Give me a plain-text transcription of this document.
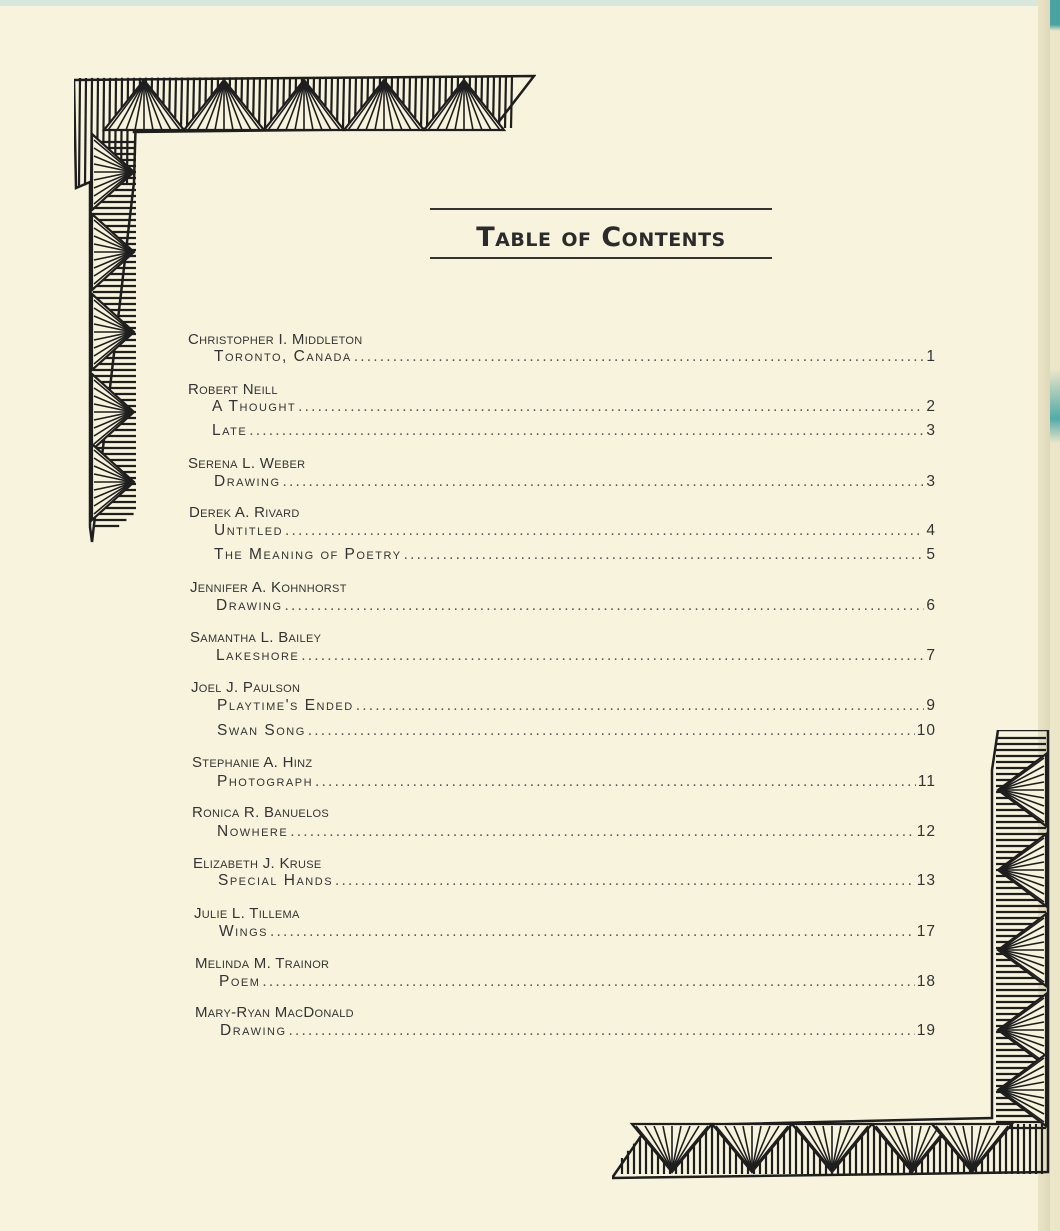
Table of Contents
Christopher I. Middleton
Toronto, Canada .....	1
Robert Neill
A Thought .....	2
Late .....	3
Serena L. Weber
Drawing .....	3
Derek A. Rivard
Untitled .....	4
The Meaning of Poetry .....	5
Jennifer A. Kohnhorst
Drawing .....	6
Samantha L. Bailey
Lakeshore .....	7
Joel J. Paulson
Playtime's Ended .....	9
Swan Song .....	10
Stephanie A. Hinz
Photograph .....	11
Ronica R. Banuelos
Nowhere .....	12
Elizabeth J. Kruse
Special Hands .....	13
Julie L. Tillema
Wings .....	17
Melinda M. Trainor
Poem .....	18
Mary-Ryan MacDonald
Drawing .....	19
